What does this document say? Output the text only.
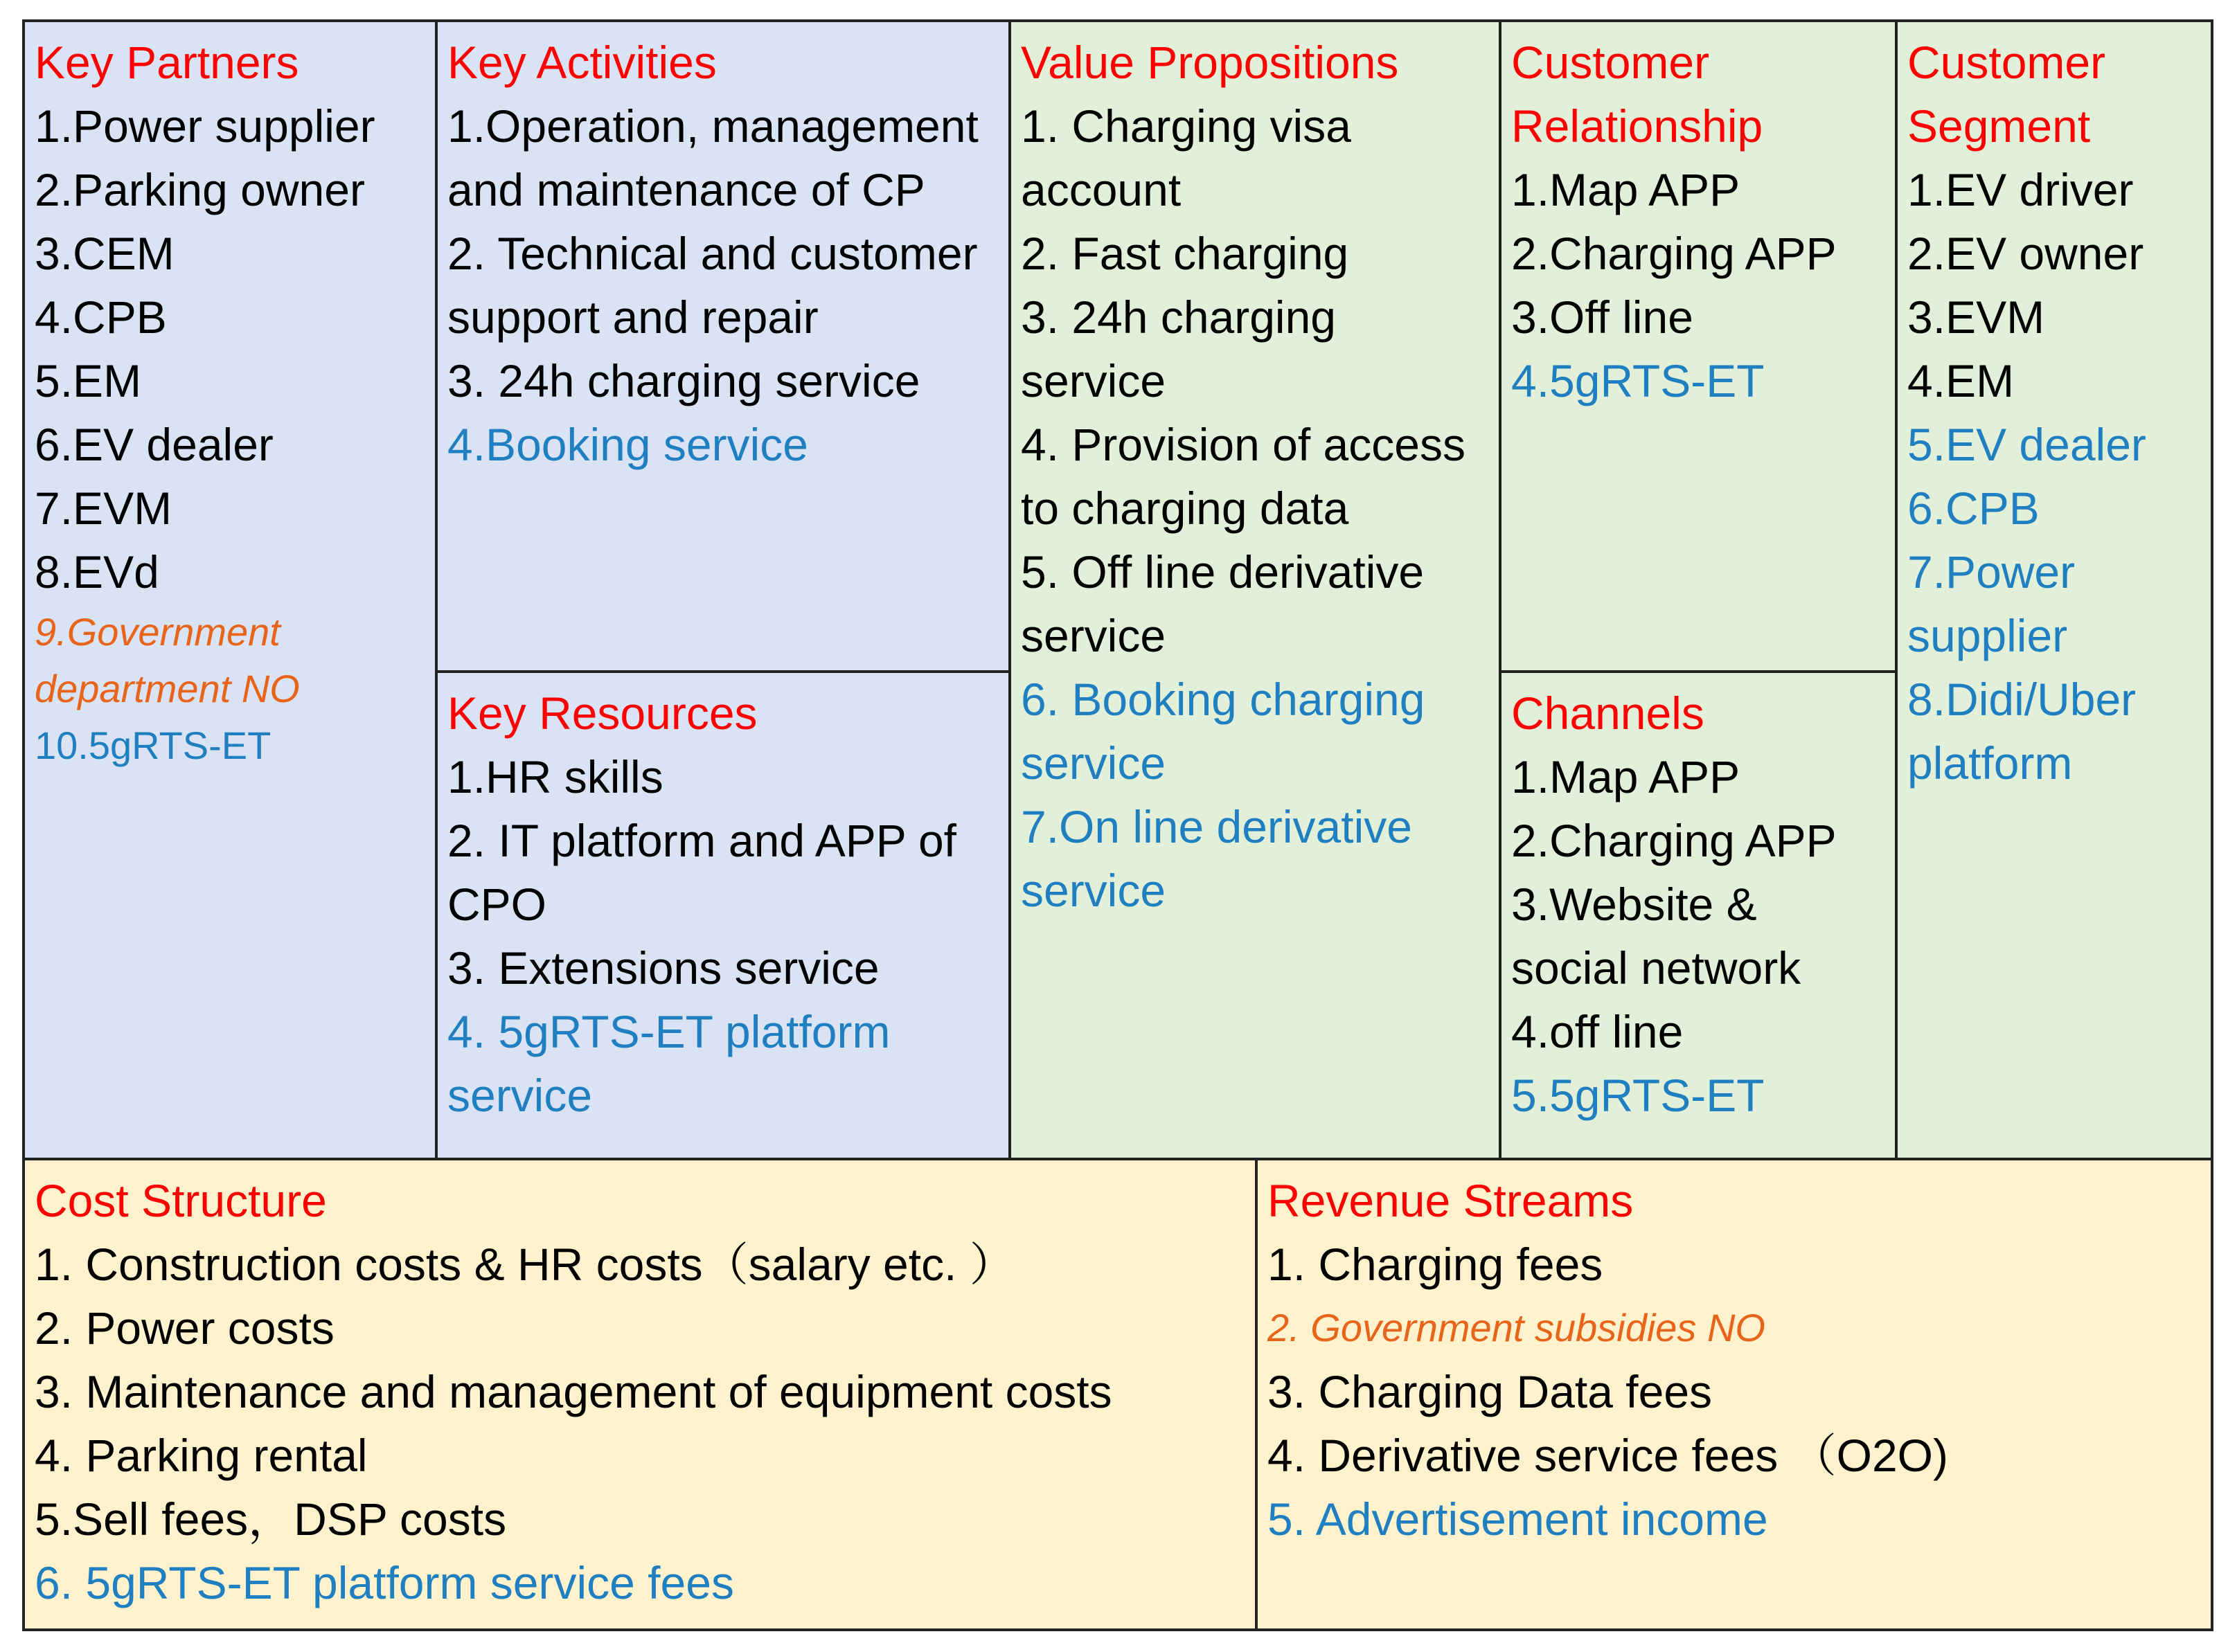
Key Partners
1.Power supplier
2.Parking owner
3.CEM
4.CPB
5.EM
6.EV dealer
7.EVM
8.EVd
9.Government department NO
10.5gRTS-ET
Key Activities
1.Operation, management and maintenance of CP
2. Technical and customer support and repair
3. 24h charging service
4.Booking service
Key Resources
1.HR skills
2. IT platform and APP of CPO
3. Extensions service
4. 5gRTS-ET platform service
Value Propositions
1. Charging visa account
2. Fast charging
3. 24h charging service
4. Provision of access to charging data
5. Off line derivative service
6. Booking charging service
7.On line derivative service
Customer Relationship
1.Map APP
2.Charging APP
3.Off line
4.5gRTS-ET
Channels
1.Map APP
2.Charging APP
3.Website & social network
4.off line
5.5gRTS-ET
Customer Segment
1.EV driver
2.EV owner
3.EVM
4.EM
5.EV dealer
6.CPB
7.Power supplier
8.Didi/Uber platform
Cost Structure
1. Construction costs & HR costs（salary etc. ）
2. Power costs
3. Maintenance and management of equipment costs
4. Parking rental
5.Sell fees，DSP costs
6. 5gRTS-ET platform service fees
Revenue Streams
1. Charging fees
2. Government subsidies NO
3. Charging Data fees
4. Derivative service fees （O2O)
5. Advertisement income
